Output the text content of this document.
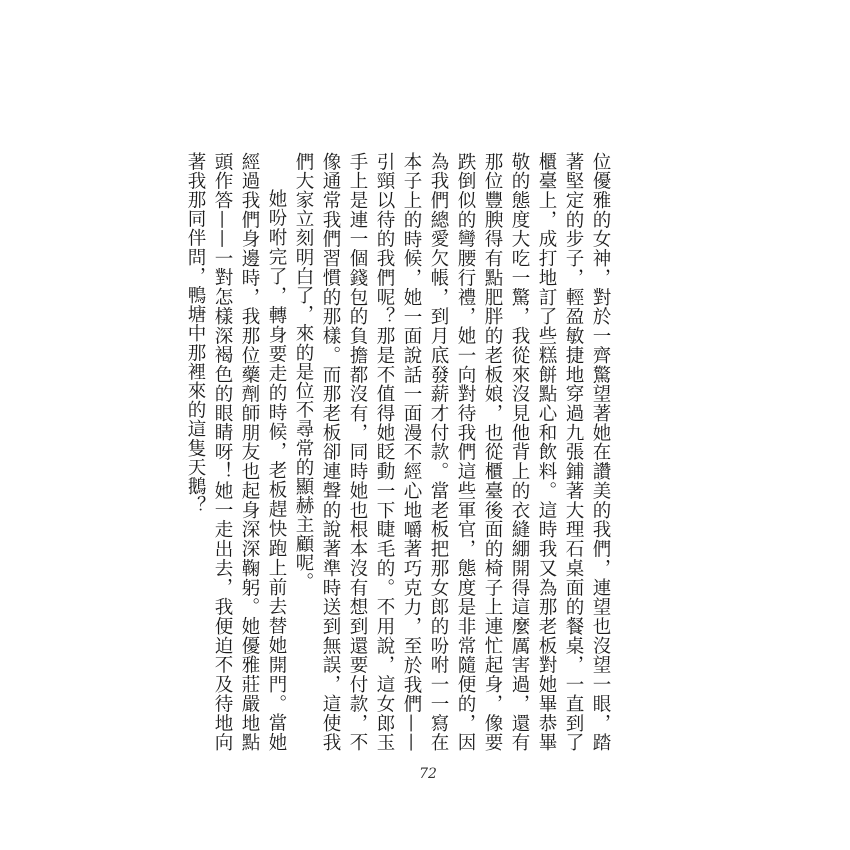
位優雅的女神，對於一齊驚望著她在讚美的我們，連望也沒望一眼，踏著堅定的步子，輕盈敏捷地穿過九張鋪著大理石桌面的餐桌，一直到了櫃臺上，成打地訂了些糕餅點心和飲料。這時我又為那老板對她畢恭畢敬的態度大吃一驚，我從來沒見他背上的衣縫綳開得這麼厲害過，還有那位豐腴得有點肥胖的老板娘，也從櫃臺後面的椅子上連忙起身，像要跌倒似的彎腰行禮，她一向對待我們這些軍官，態度是非常隨便的，因為我們總愛欠帳，到月底發薪才付款。當老板把那女郎的吩咐一一寫在本子上的時候，她一面說話一面漫不經心地嚼著巧克力，至於我們——引頸以待的我們呢？那是不值得她眨動一下睫毛的。不用說，這女郎玉手上是連一個錢包的負擔都沒有，同時她也根本沒有想到還要付款，不像通常我們習慣的那樣。而那老板卻連聲的說著準時送到無誤，這使我們大家立刻明白了，來的是位不尋常的顯赫主顧呢。

她吩咐完了，轉身要走的時候，老板趕快跑上前去替她開門。當她經過我們身邊時，我那位藥劑師朋友也起身深深鞠躬。她優雅莊嚴地點頭作答——一對怎樣深褐色的眼睛呀！她一走出去，我便迫不及待地向著我那同伴問，鴨塘中那裡來的這隻天鵝？

72
